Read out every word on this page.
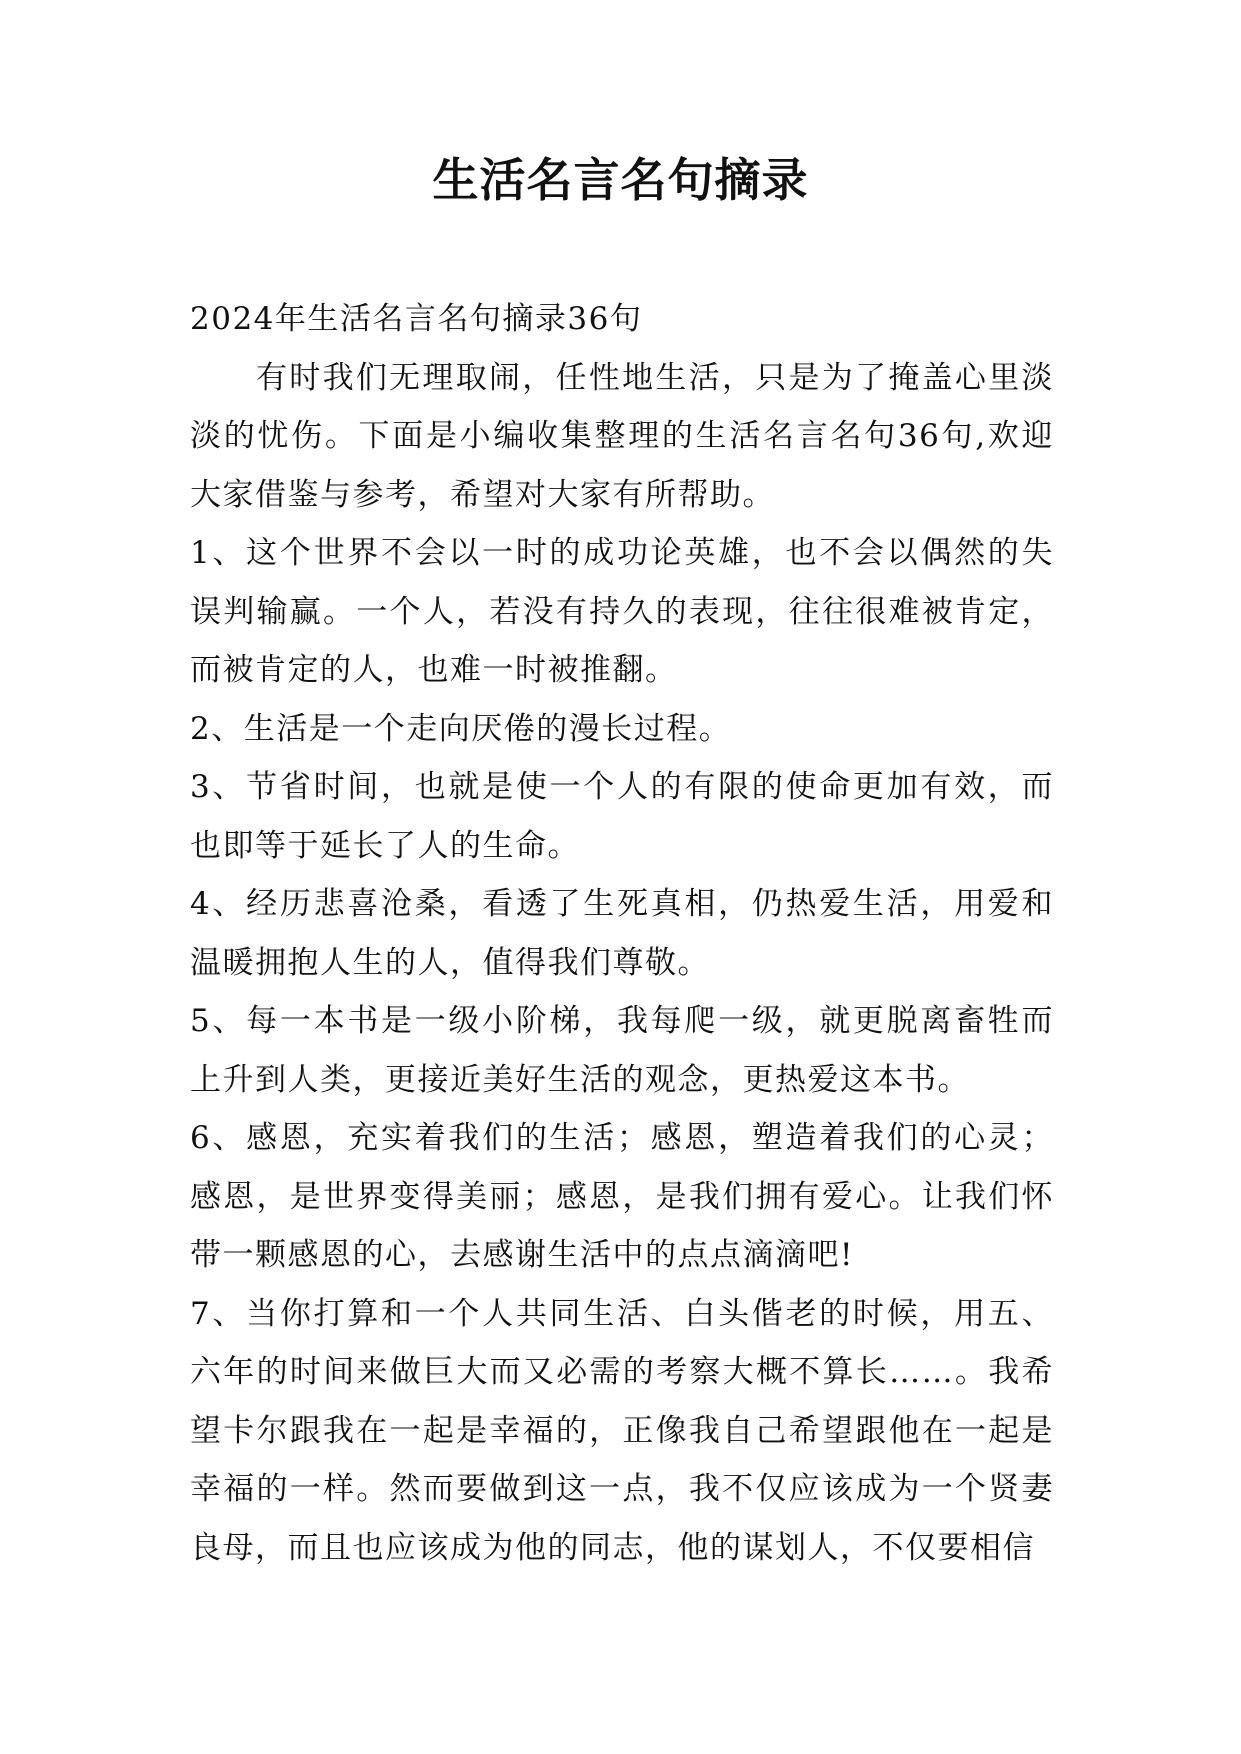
生活名言名句摘录

2024年生活名言名句摘录36句

有时我们无理取闹，任性地生活，只是为了掩盖心里淡淡的忧伤。下面是小编收集整理的生活名言名句36句,欢迎大家借鉴与参考，希望对大家有所帮助。

1、这个世界不会以一时的成功论英雄，也不会以偶然的失误判输赢。一个人，若没有持久的表现，往往很难被肯定，而被肯定的人，也难一时被推翻。

2、生活是一个走向厌倦的漫长过程。

3、节省时间，也就是使一个人的有限的使命更加有效，而也即等于延长了人的生命。

4、经历悲喜沧桑，看透了生死真相，仍热爱生活，用爱和温暖拥抱人生的人，值得我们尊敬。

5、每一本书是一级小阶梯，我每爬一级，就更脱离畜牲而上升到人类，更接近美好生活的观念，更热爱这本书。

6、感恩，充实着我们的生活；感恩，塑造着我们的心灵；感恩，是世界变得美丽；感恩，是我们拥有爱心。让我们怀带一颗感恩的心，去感谢生活中的点点滴滴吧!

7、当你打算和一个人共同生活、白头偕老的时候，用五、六年的时间来做巨大而又必需的考察大概不算长……。我希望卡尔跟我在一起是幸福的，正像我自己希望跟他在一起是幸福的一样。然而要做到这一点，我不仅应该成为一个贤妻良母，而且也应该成为他的同志，他的谋划人，不仅要相信
